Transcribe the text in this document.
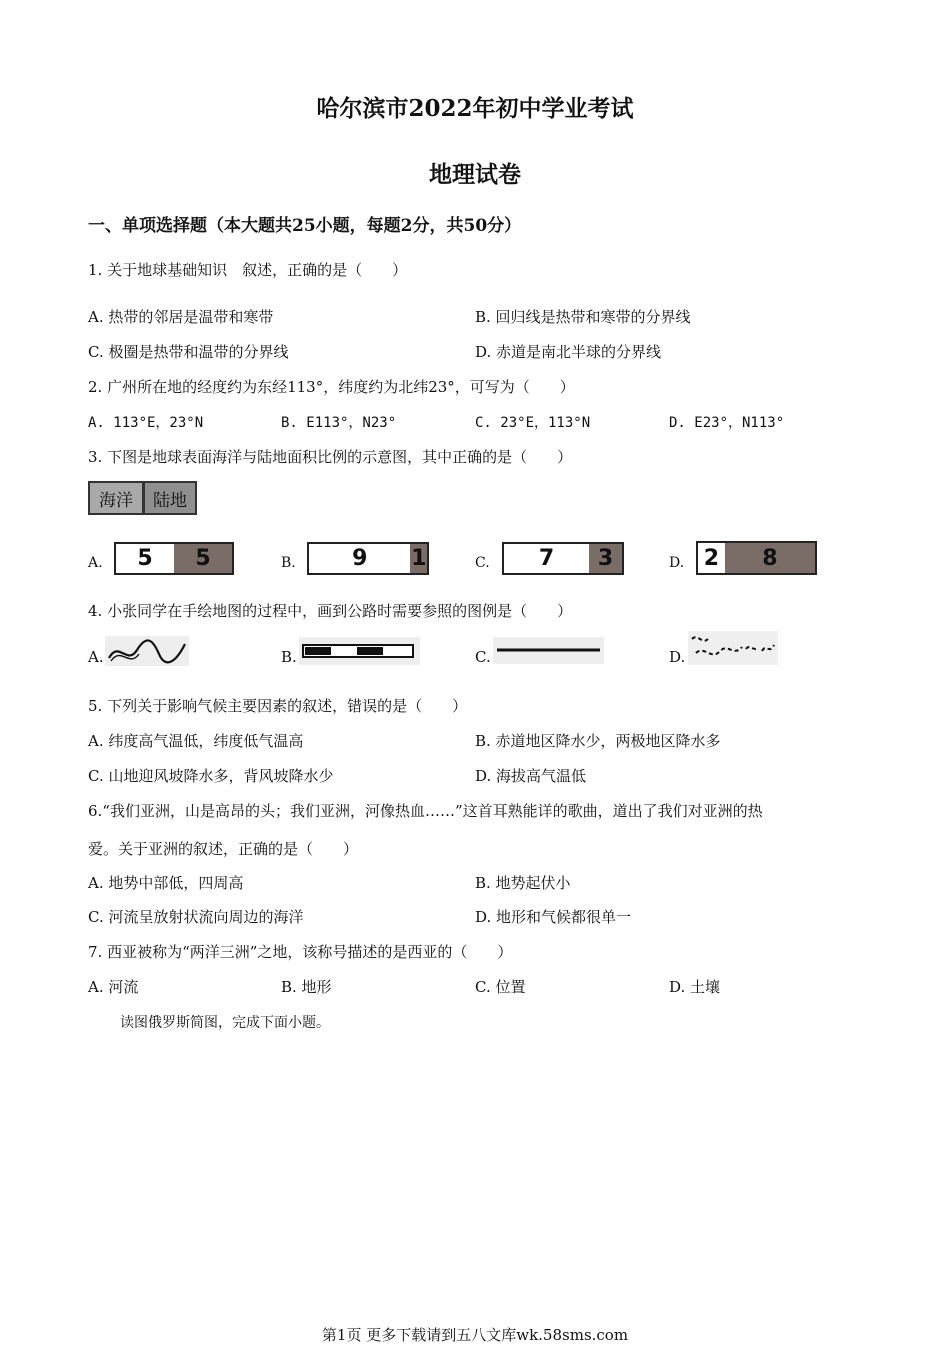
哈尔滨市2022年初中学业考试
地理试卷
一、单项选择题（本大题共25小题，每题2分，共50分）
1. 关于地球基础知识　叙述，正确的是（　　）
A. 热带的邻居是温带和寒带	B. 回归线是热带和寒带的分界线
C. 极圈是热带和温带的分界线	D. 赤道是南北半球的分界线
2. 广州所在地的经度约为东经113°，纬度约为北纬23°，可写为（　　）
A. 113°E，23°N	B. E113°，N23°	C. 23°E，113°N	D. E23°，N113°
3. 下图是地球表面海洋与陆地面积比例的示意图，其中正确的是（　　）
海洋	陆地
A.	5	5	B.	9	1	C.	7	3	D. 2	8
4. 小张同学在手绘地图的过程中，画到公路时需要参照的图例是（　　）
A.	B.	C.	D.
5. 下列关于影响气候主要因素的叙述，错误的是（　　）
A. 纬度高气温低，纬度低气温高	B. 赤道地区降水少，两极地区降水多
C. 山地迎风坡降水多，背风坡降水少	D. 海拔高气温低
6.“我们亚洲，山是高昂的头；我们亚洲，河像热血……”这首耳熟能详的歌曲，道出了我们对亚洲的热
爱。关于亚洲的叙述，正确的是（　　）
A. 地势中部低，四周高	B. 地势起伏小
C. 河流呈放射状流向周边的海洋	D. 地形和气候都很单一
7. 西亚被称为“两洋三洲”之地，该称号描述的是西亚的（　　）
A. 河流	B. 地形	C. 位置	D. 土壤
读图俄罗斯简图，完成下面小题。
第1页 更多下载请到五八文库wk.58sms.com
